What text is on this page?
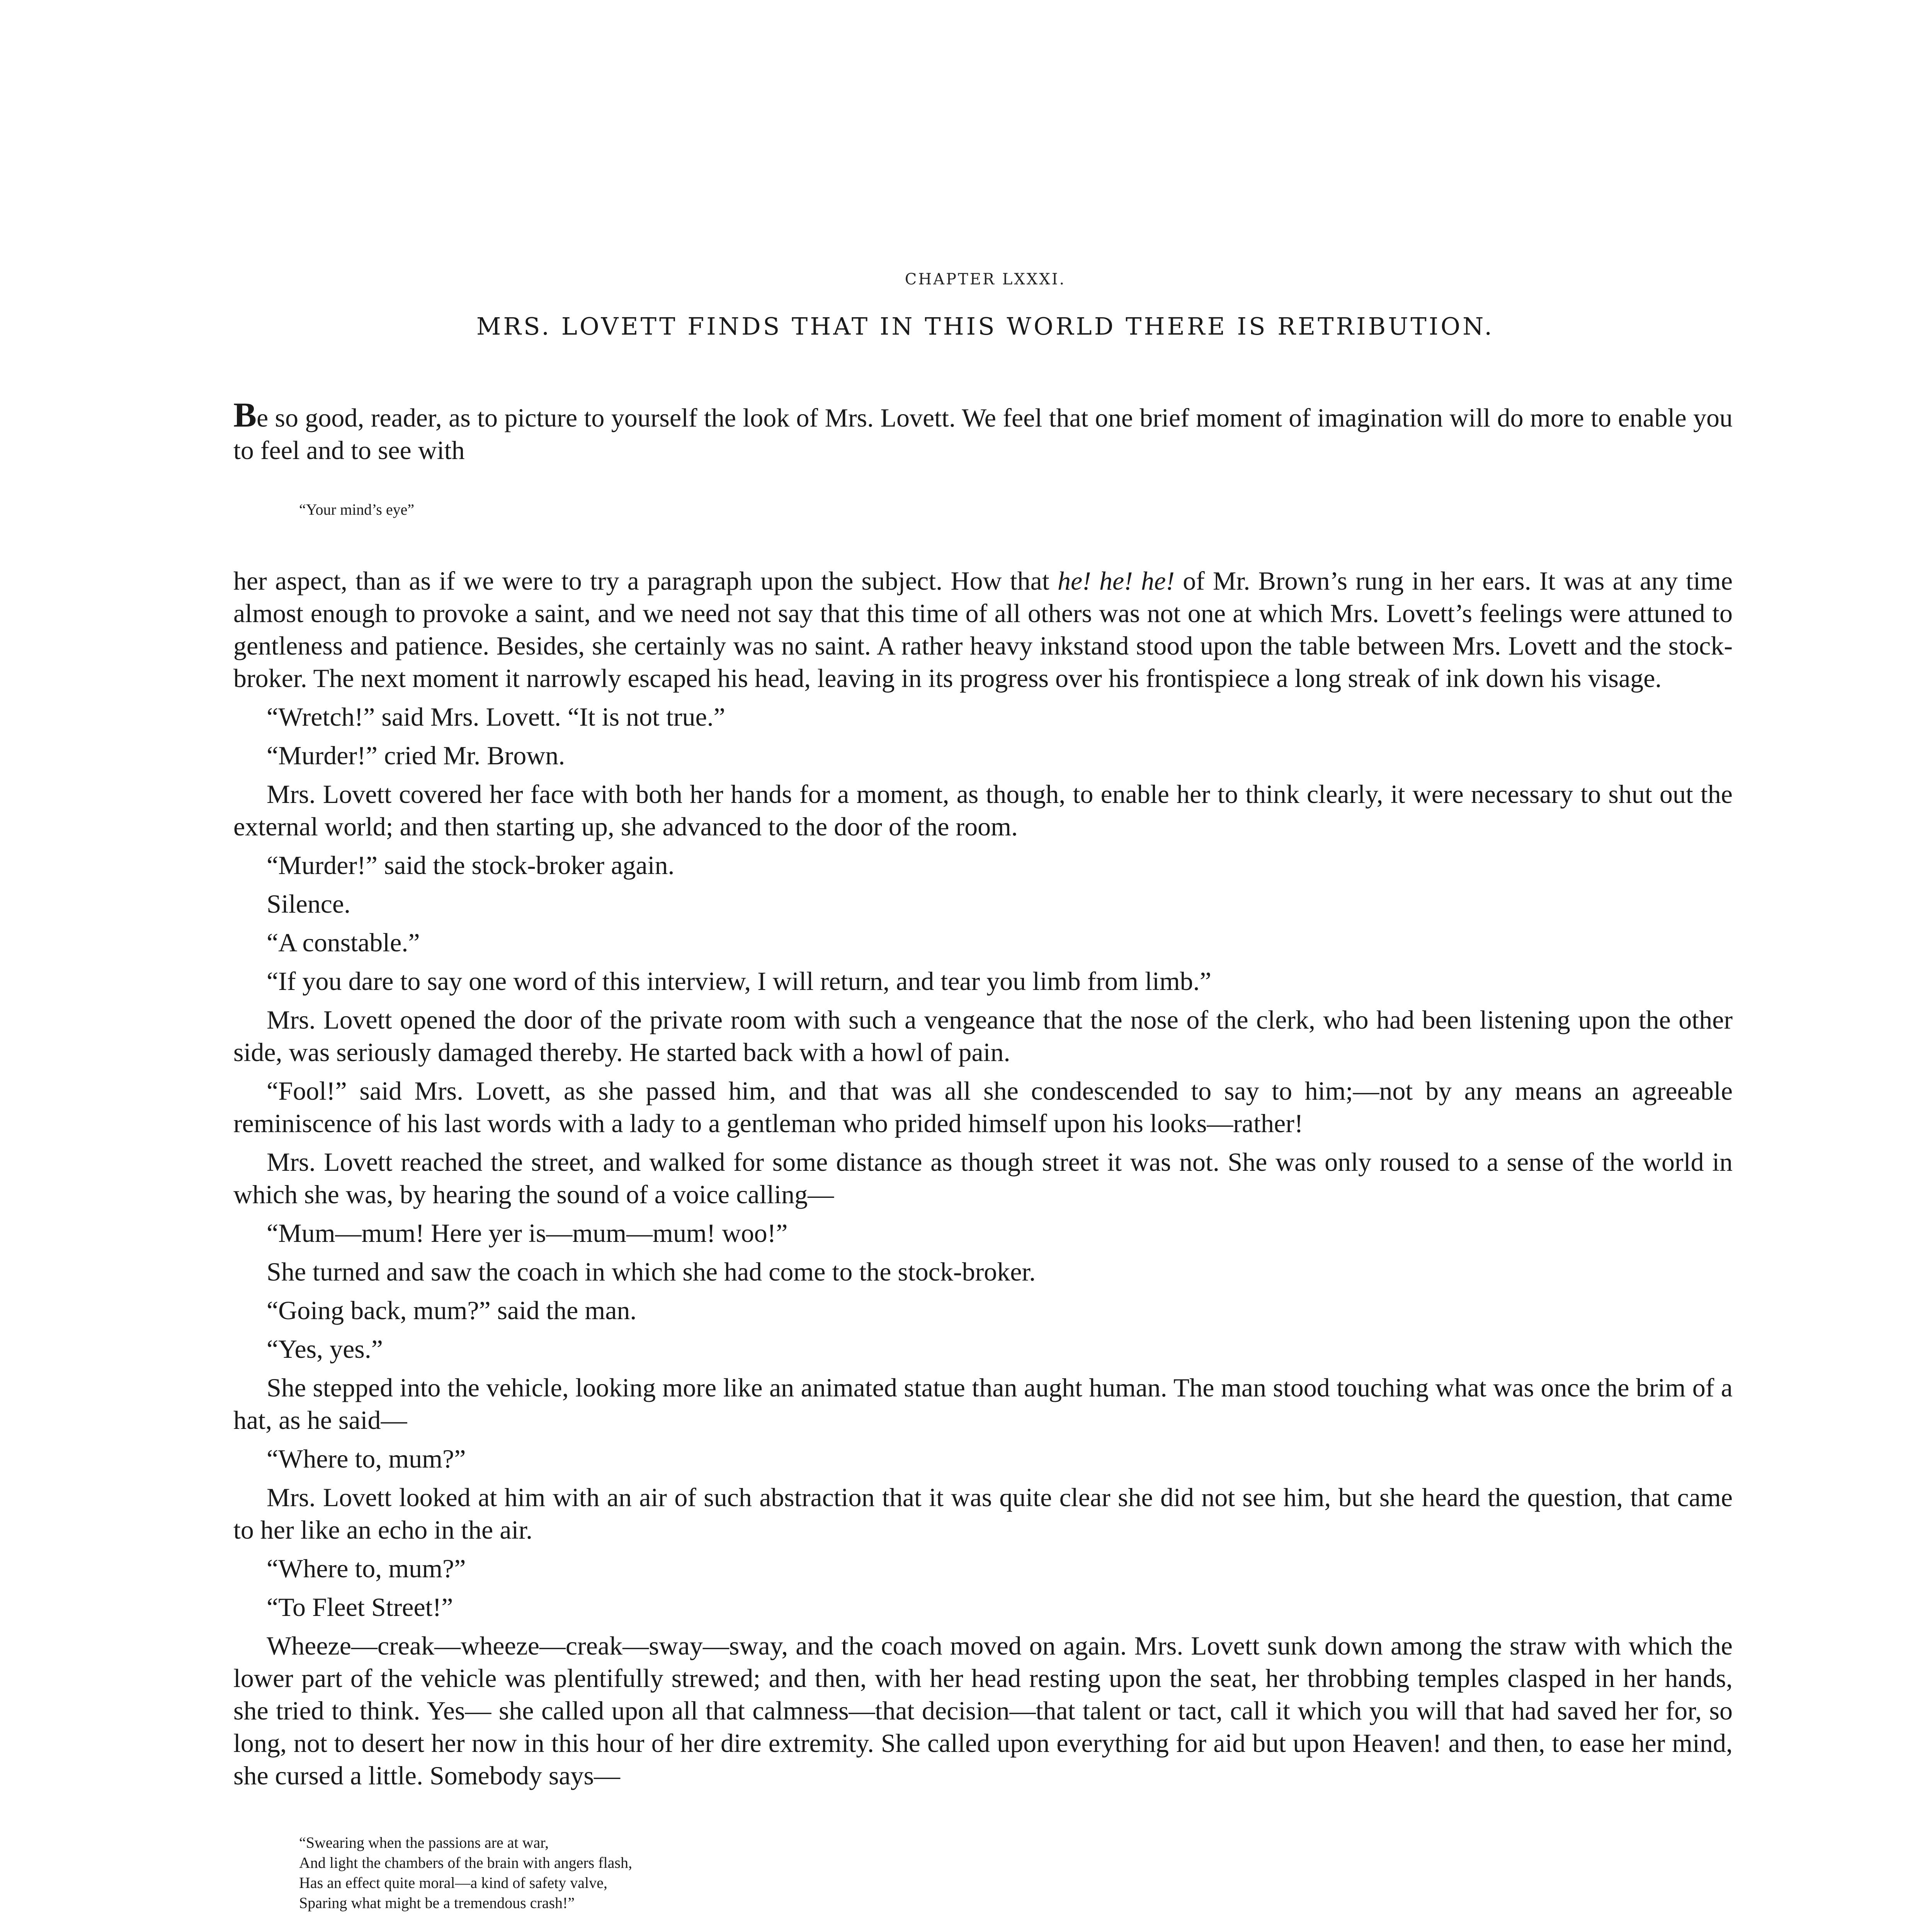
CHAPTER LXXXI.
MRS. LOVETT FINDS THAT IN THIS WORLD THERE IS RETRIBUTION.

Be so good, reader, as to picture to yourself the look of Mrs. Lovett. We feel that one brief moment of imagination will do more to enable you to feel and to see with

“Your mind’s eye”

her aspect, than as if we were to try a paragraph upon the subject. How that he! he! he! of Mr. Brown’s rung in her ears. It was at any time almost enough to provoke a saint, and we need not say that this time of all others was not one at which Mrs. Lovett’s feelings were attuned to gentleness and patience. Besides, she certainly was no saint. A rather heavy inkstand stood upon the table between Mrs. Lovett and the stock-broker. The next moment it narrowly escaped his head, leaving in its progress over his frontispiece a long streak of ink down his visage.

“Wretch!” said Mrs. Lovett. “It is not true.”

“Murder!” cried Mr. Brown.

Mrs. Lovett covered her face with both her hands for a moment, as though, to enable her to think clearly, it were necessary to shut out the external world; and then starting up, she advanced to the door of the room.

“Murder!” said the stock-broker again.

Silence.

“A constable.”

“If you dare to say one word of this interview, I will return, and tear you limb from limb.”

Mrs. Lovett opened the door of the private room with such a vengeance that the nose of the clerk, who had been listening upon the other side, was seriously damaged thereby. He started back with a howl of pain.

“Fool!” said Mrs. Lovett, as she passed him, and that was all she condescended to say to him;—not by any means an agreeable reminiscence of his last words with a lady to a gentleman who prided himself upon his looks—rather!

Mrs. Lovett reached the street, and walked for some distance as though street it was not. She was only roused to a sense of the world in which she was, by hearing the sound of a voice calling—

“Mum—mum! Here yer is—mum—mum! woo!”

She turned and saw the coach in which she had come to the stock-broker.

“Going back, mum?” said the man.

“Yes, yes.”

She stepped into the vehicle, looking more like an animated statue than aught human. The man stood touching what was once the brim of a hat, as he said—

“Where to, mum?”

Mrs. Lovett looked at him with an air of such abstraction that it was quite clear she did not see him, but she heard the question, that came to her like an echo in the air.

“Where to, mum?”

“To Fleet Street!”

Wheeze—creak—wheeze—creak—sway—sway, and the coach moved on again. Mrs. Lovett sunk down among the straw with which the lower part of the vehicle was plentifully strewed; and then, with her head resting upon the seat, her throbbing temples clasped in her hands, she tried to think. Yes— she called upon all that calmness—that decision—that talent or tact, call it which you will that had saved her for, so long, not to desert her now in this hour of her dire extremity. She called upon everything for aid but upon Heaven! and then, to ease her mind, she cursed a little. Somebody says—

“Swearing when the passions are at war,
And light the chambers of the brain with angers flash,
Has an effect quite moral—a kind of safety valve,
Sparing what might be a tremendous crash!”
